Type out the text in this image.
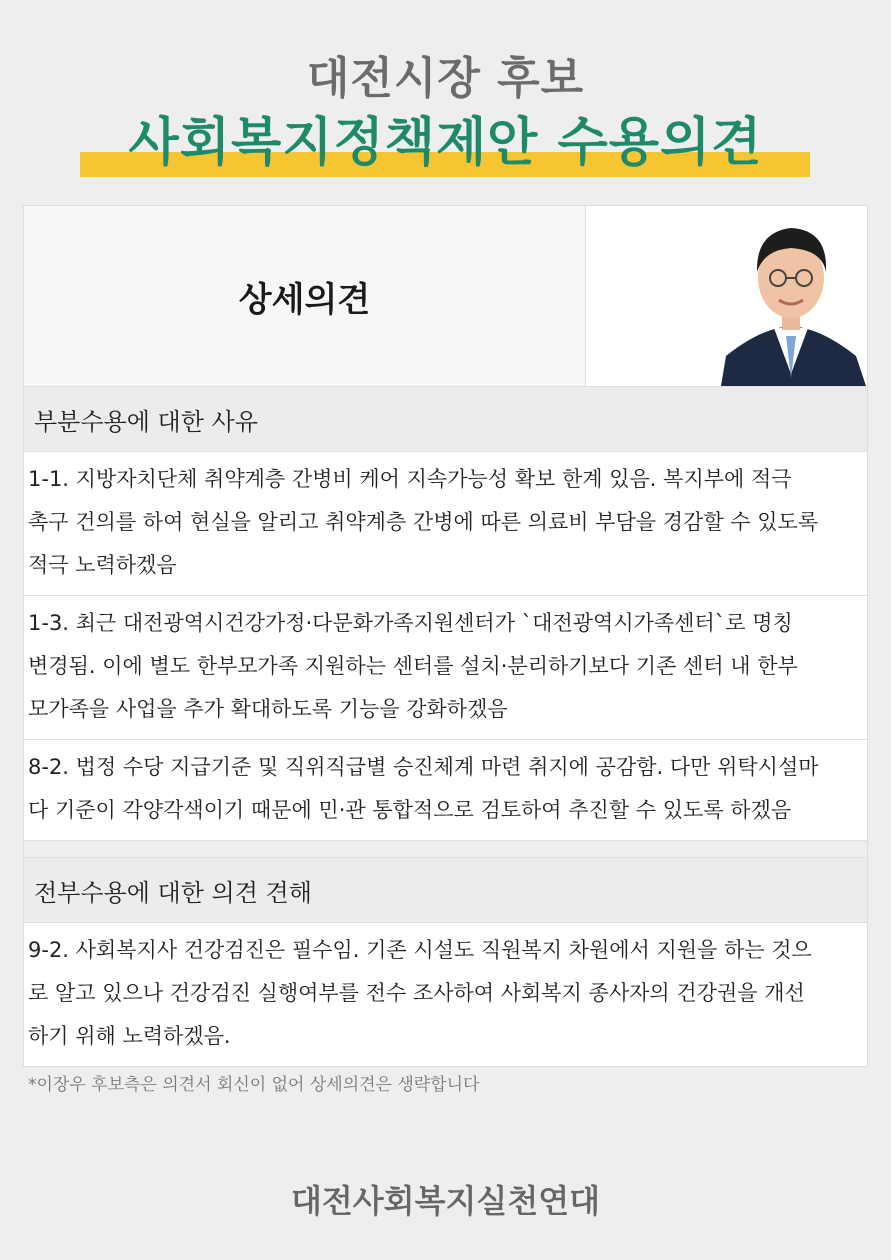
대전시장 후보
사회복지정책제안 수용의견
상세의견
부분수용에 대한 사유
1-1. 지방자치단체 취약계층 간병비 케어 지속가능성 확보 한계 있음. 복지부에 적극
촉구 건의를 하여 현실을 알리고 취약계층 간병에 따른 의료비 부담을 경감할 수 있도록
적극 노력하겠음
1-3. 최근 대전광역시건강가정·다문화가족지원센터가 `대전광역시가족센터`로 명칭
변경됨. 이에 별도 한부모가족 지원하는 센터를 설치·분리하기보다 기존 센터 내 한부
모가족을 사업을 추가 확대하도록 기능을 강화하겠음
8-2. 법정 수당 지급기준 및 직위직급별 승진체계 마련 취지에 공감함. 다만 위탁시설마
다 기준이 각양각색이기 때문에 민·관 통합적으로 검토하여 추진할 수 있도록 하겠음
전부수용에 대한 의견 견해
9-2. 사회복지사 건강검진은 필수임. 기존 시설도 직원복지 차원에서 지원을 하는 것으
로 알고 있으나 건강검진 실행여부를 전수 조사하여 사회복지 종사자의 건강권을 개선
하기 위해 노력하겠음.
*이장우 후보측은 의견서 회신이 없어 상세의견은 생략합니다
대전사회복지실천연대
